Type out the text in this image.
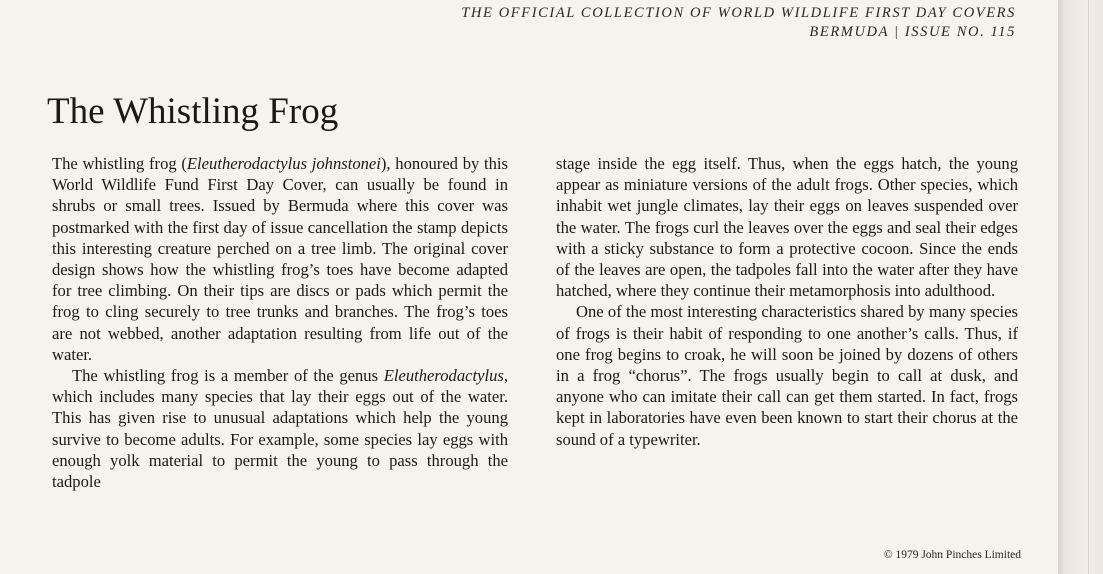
THE OFFICIAL COLLECTION OF WORLD WILDLIFE FIRST DAY COVERS
BERMUDA | ISSUE NO. 115
The Whistling Frog

The whistling frog (Eleutherodactylus johnstonei), honoured by this World Wildlife Fund First Day Cover, can usually be found in shrubs or small trees. Issued by Bermuda where this cover was postmarked with the first day of issue cancellation the stamp depicts this interesting creature perched on a tree limb. The original cover design shows how the whistling frog’s toes have become adapted for tree climbing. On their tips are discs or pads which permit the frog to cling securely to tree trunks and branches. The frog’s toes are not webbed, another adaptation resulting from life out of the water.

The whistling frog is a member of the genus Eleutherodactylus, which includes many species that lay their eggs out of the water. This has given rise to unusual adaptations which help the young survive to become adults. For example, some species lay eggs with enough yolk material to permit the young to pass through the tadpole

stage inside the egg itself. Thus, when the eggs hatch, the young appear as miniature versions of the adult frogs. Other species, which inhabit wet jungle climates, lay their eggs on leaves suspended over the water. The frogs curl the leaves over the eggs and seal their edges with a sticky substance to form a protective cocoon. Since the ends of the leaves are open, the tadpoles fall into the water after they have hatched, where they continue their metamorphosis into adulthood.

One of the most interesting characteristics shared by many species of frogs is their habit of responding to one another’s calls. Thus, if one frog begins to croak, he will soon be joined by dozens of others in a frog “chorus”. The frogs usually begin to call at dusk, and anyone who can imitate their call can get them started. In fact, frogs kept in laboratories have even been known to start their chorus at the sound of a typewriter.

© 1979 John Pinches Limited
